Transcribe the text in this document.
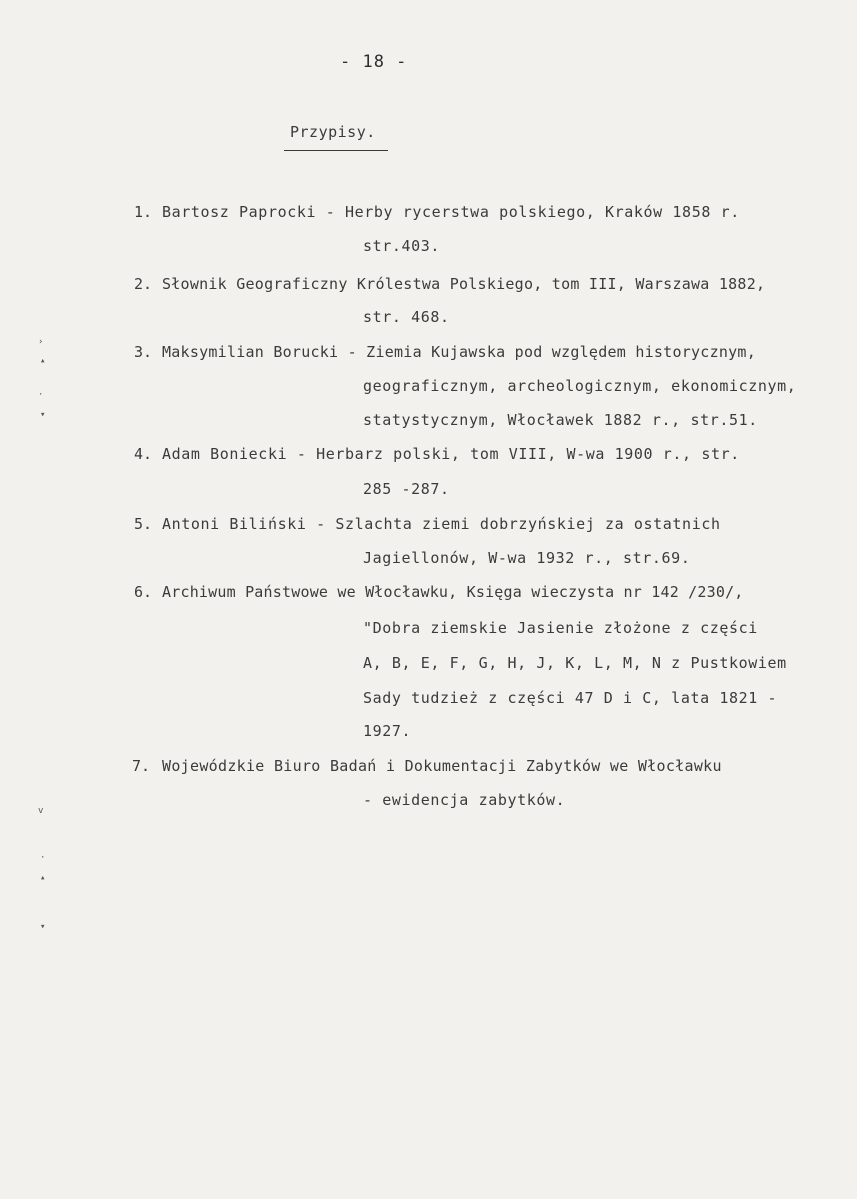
- 18 -
Przypisy.
1. Bartosz Paprocki - Herby rycerstwa polskiego, Kraków 1858 r.
str.403.
2. Słownik Geograficzny Królestwa Polskiego, tom III, Warszawa 1882,
str. 468.
3. Maksymilian Borucki - Ziemia Kujawska pod względem historycznym,
geograficznym, archeologicznym, ekonomicznym,
statystycznym, Włocławek 1882 r., str.51.
4. Adam Boniecki - Herbarz polski, tom VIII, W-wa 1900 r., str.
285 -287.
5. Antoni Biliński - Szlachta ziemi dobrzyńskiej za ostatnich
Jagiellonów, W-wa 1932 r., str.69.
6. Archiwum Państwowe we Włocławku, Księga wieczysta nr 142 /230/,
"Dobra ziemskie Jasienie złożone z części
A, B, E, F, G, H, J, K, L, M, N z Pustkowiem
Sady tudzież z części 47 D i C, lata 1821 -
1927.
7. Wojewódzkie Biuro Badań i Dokumentacji Zabytków we Włocławku
- ewidencja zabytków.
›
▴
·
▾
v
·
▴
▾
